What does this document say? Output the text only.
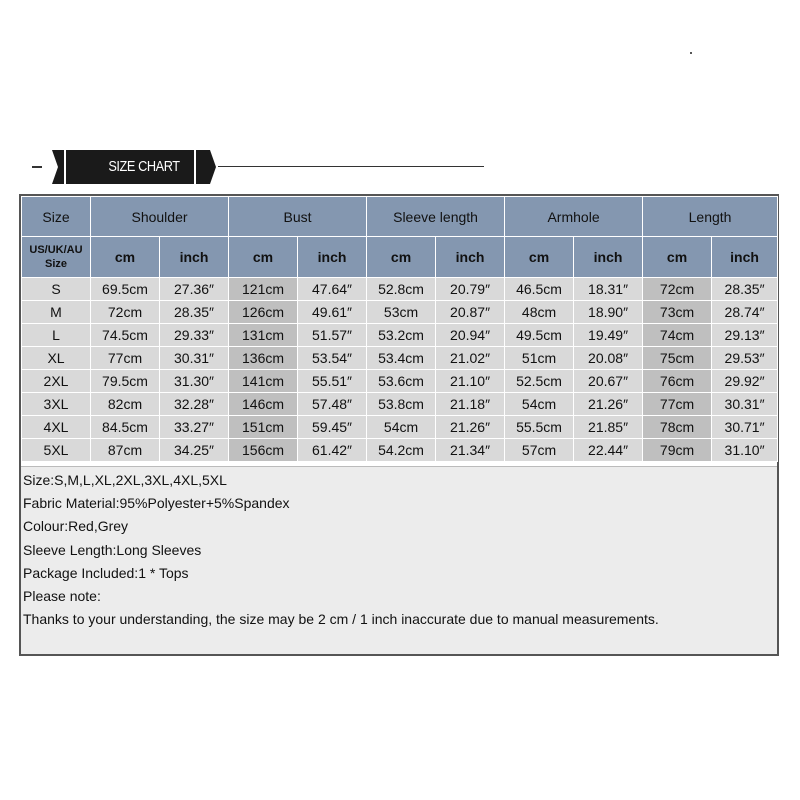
SIZE CHART
Size	Shoulder		Bust		Sleeve length		Armhole		Length	
US/UK/AU
Size	cm	inch	cm	inch	cm	inch	cm	inch	cm	inch
S	69.5cm	27.36″	121cm	47.64″	52.8cm	20.79″	46.5cm	18.31″	72cm	28.35″
M	72cm	28.35″	126cm	49.61″	53cm	20.87″	48cm	18.90″	73cm	28.74″
L	74.5cm	29.33″	131cm	51.57″	53.2cm	20.94″	49.5cm	19.49″	74cm	29.13″
XL	77cm	30.31″	136cm	53.54″	53.4cm	21.02″	51cm	20.08″	75cm	29.53″
2XL	79.5cm	31.30″	141cm	55.51″	53.6cm	21.10″	52.5cm	20.67″	76cm	29.92″
3XL	82cm	32.28″	146cm	57.48″	53.8cm	21.18″	54cm	21.26″	77cm	30.31″
4XL	84.5cm	33.27″	151cm	59.45″	54cm	21.26″	55.5cm	21.85″	78cm	30.71″
5XL	87cm	34.25″	156cm	61.42″	54.2cm	21.34″	57cm	22.44″	79cm	31.10″
Size:S,M,L,XL,2XL,3XL,4XL,5XL
Fabric Material:95%Polyester+5%Spandex
Colour:Red,Grey
Sleeve Length:Long Sleeves
Package Included:1 * Tops
Please note:
Thanks to your understanding, the size may be 2 cm / 1 inch inaccurate due to manual measurements.
